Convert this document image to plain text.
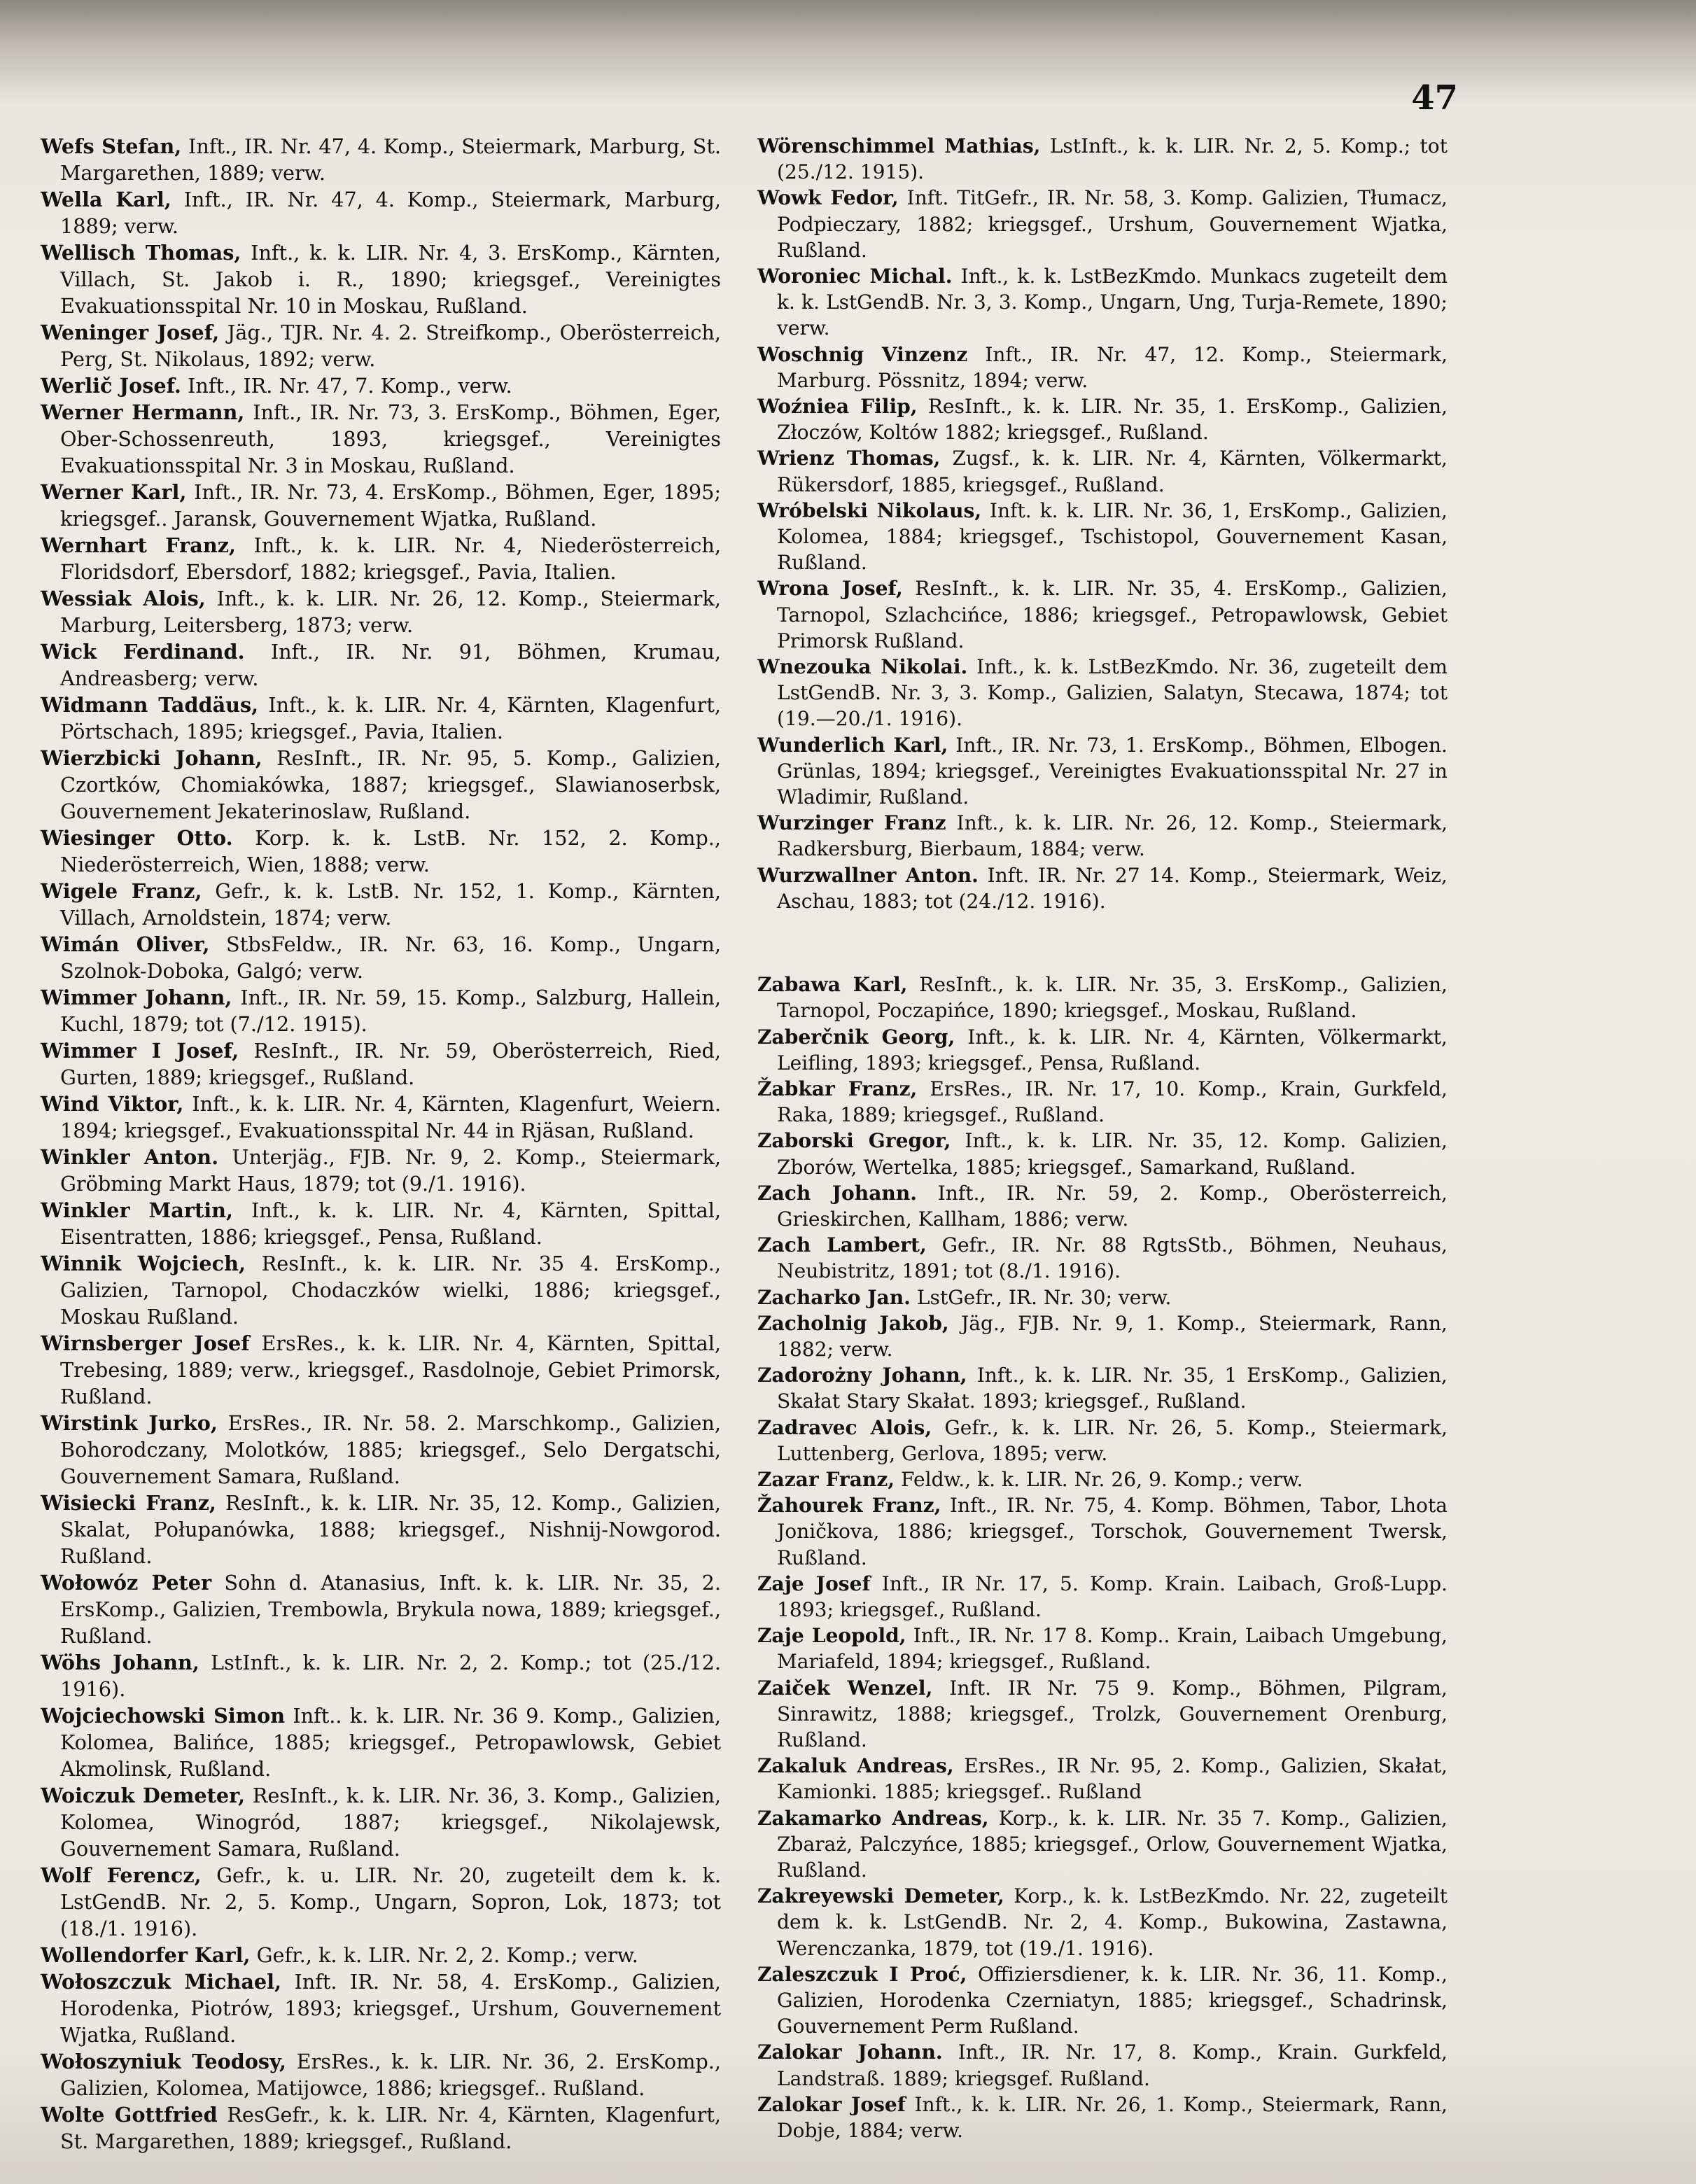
47

Wefs Stefan, Inft., IR. Nr. 47, 4. Komp., Steiermark, Marburg, St. Margarethen, 1889; verw.

Wella Karl, Inft., IR. Nr. 47, 4. Komp., Steiermark, Marburg, 1889; verw.

Wellisch Thomas, Inft., k. k. LIR. Nr. 4, 3. ErsKomp., Kärnten, Villach, St. Jakob i. R., 1890; kriegsgef., Vereinigtes Evakuationsspital Nr. 10 in Moskau, Rußland.

Weninger Josef, Jäg., TJR. Nr. 4. 2. Streifkomp., Oberösterreich, Perg, St. Nikolaus, 1892; verw.

Werlič Josef. Inft., IR. Nr. 47, 7. Komp., verw.

Werner Hermann, Inft., IR. Nr. 73, 3. ErsKomp., Böhmen, Eger, Ober-Schossenreuth, 1893, kriegsgef., Vereinigtes Evakuationsspital Nr. 3 in Moskau, Rußland.

Werner Karl, Inft., IR. Nr. 73, 4. ErsKomp., Böhmen, Eger, 1895; kriegsgef.. Jaransk, Gouvernement Wjatka, Rußland.

Wernhart Franz, Inft., k. k. LIR. Nr. 4, Niederösterreich, Floridsdorf, Ebersdorf, 1882; kriegsgef., Pavia, Italien.

Wessiak Alois, Inft., k. k. LIR. Nr. 26, 12. Komp., Steiermark, Marburg, Leitersberg, 1873; verw.

Wick Ferdinand. Inft., IR. Nr. 91, Böhmen, Krumau, Andreasberg; verw.

Widmann Taddäus, Inft., k. k. LIR. Nr. 4, Kärnten, Klagenfurt, Pörtschach, 1895; kriegsgef., Pavia, Italien.

Wierzbicki Johann, ResInft., IR. Nr. 95, 5. Komp., Galizien, Czortków, Chomiakówka, 1887; kriegsgef., Slawianoserbsk, Gouvernement Jekaterinoslaw, Rußland.

Wiesinger Otto. Korp. k. k. LstB. Nr. 152, 2. Komp., Niederösterreich, Wien, 1888; verw.

Wigele Franz, Gefr., k. k. LstB. Nr. 152, 1. Komp., Kärnten, Villach, Arnoldstein, 1874; verw.

Wimán Oliver, StbsFeldw., IR. Nr. 63, 16. Komp., Ungarn, Szolnok-Doboka, Galgó; verw.

Wimmer Johann, Inft., IR. Nr. 59, 15. Komp., Salzburg, Hallein, Kuchl, 1879; tot (7./12. 1915).

Wimmer I Josef, ResInft., IR. Nr. 59, Oberösterreich, Ried, Gurten, 1889; kriegsgef., Rußland.

Wind Viktor, Inft., k. k. LIR. Nr. 4, Kärnten, Klagenfurt, Weiern. 1894; kriegsgef., Evakuationsspital Nr. 44 in Rjäsan, Rußland.

Winkler Anton. Unterjäg., FJB. Nr. 9, 2. Komp., Steiermark, Gröbming Markt Haus, 1879; tot (9./1. 1916).

Winkler Martin, Inft., k. k. LIR. Nr. 4, Kärnten, Spittal, Eisentratten, 1886; kriegsgef., Pensa, Rußland.

Winnik Wojciech, ResInft., k. k. LIR. Nr. 35 4. ErsKomp., Galizien, Tarnopol, Chodaczków wielki, 1886; kriegsgef., Moskau Rußland.

Wirnsberger Josef ErsRes., k. k. LIR. Nr. 4, Kärnten, Spittal, Trebesing, 1889; verw., kriegsgef., Rasdolnoje, Gebiet Primorsk, Rußland.

Wirstink Jurko, ErsRes., IR. Nr. 58. 2. Marschkomp., Galizien, Bohorodczany, Molotków, 1885; kriegsgef., Selo Dergatschi, Gouvernement Samara, Rußland.

Wisiecki Franz, ResInft., k. k. LIR. Nr. 35, 12. Komp., Galizien, Skalat, Połupanówka, 1888; kriegsgef., Nishnij-Nowgorod. Rußland.

Wołowóz Peter Sohn d. Atanasius, Inft. k. k. LIR. Nr. 35, 2. ErsKomp., Galizien, Trembowla, Brykula nowa, 1889; kriegsgef., Rußland.

Wöhs Johann, LstInft., k. k. LIR. Nr. 2, 2. Komp.; tot (25./12. 1916).

Wojciechowski Simon Inft.. k. k. LIR. Nr. 36 9. Komp., Galizien, Kolomea, Balińce, 1885; kriegsgef., Petropawlowsk, Gebiet Akmolinsk, Rußland.

Woiczuk Demeter, ResInft., k. k. LIR. Nr. 36, 3. Komp., Galizien, Kolomea, Winogród, 1887; kriegsgef., Nikolajewsk, Gouvernement Samara, Rußland.

Wolf Ferencz, Gefr., k. u. LIR. Nr. 20, zugeteilt dem k. k. LstGendB. Nr. 2, 5. Komp., Ungarn, Sopron, Lok, 1873; tot (18./1. 1916).

Wollendorfer Karl, Gefr., k. k. LIR. Nr. 2, 2. Komp.; verw.

Wołoszczuk Michael, Inft. IR. Nr. 58, 4. ErsKomp., Galizien, Horodenka, Piotrów, 1893; kriegsgef., Urshum, Gouvernement Wjatka, Rußland.

Wołoszyniuk Teodosy, ErsRes., k. k. LIR. Nr. 36, 2. ErsKomp., Galizien, Kolomea, Matijowce, 1886; kriegsgef.. Rußland.

Wolte Gottfried ResGefr., k. k. LIR. Nr. 4, Kärnten, Klagenfurt, St. Margarethen, 1889; kriegsgef., Rußland.

Wörenschimmel Mathias, LstInft., k. k. LIR. Nr. 2, 5. Komp.; tot (25./12. 1915).

Wowk Fedor, Inft. TitGefr., IR. Nr. 58, 3. Komp. Galizien, Tłumacz, Podpieczary, 1882; kriegsgef., Urshum, Gouvernement Wjatka, Rußland.

Woroniec Michal. Inft., k. k. LstBezKmdo. Munkacs zugeteilt dem k. k. LstGendB. Nr. 3, 3. Komp., Ungarn, Ung, Turja-Remete, 1890; verw.

Woschnig Vinzenz Inft., IR. Nr. 47, 12. Komp., Steiermark, Marburg. Pössnitz, 1894; verw.

Woźniea Filip, ResInft., k. k. LIR. Nr. 35, 1. ErsKomp., Galizien, Złoczów, Koltów 1882; kriegsgef., Rußland.

Wrienz Thomas, Zugsf., k. k. LIR. Nr. 4, Kärnten, Völkermarkt, Rükersdorf, 1885, kriegsgef., Rußland.

Wróbelski Nikolaus, Inft. k. k. LIR. Nr. 36, 1, ErsKomp., Galizien, Kolomea, 1884; kriegsgef., Tschistopol, Gouvernement Kasan, Rußland.

Wrona Josef, ResInft., k. k. LIR. Nr. 35, 4. ErsKomp., Galizien, Tarnopol, Szlachcińce, 1886; kriegsgef., Petropawlowsk, Gebiet Primorsk Rußland.

Wnezouka Nikolai. Inft., k. k. LstBezKmdo. Nr. 36, zugeteilt dem LstGendB. Nr. 3, 3. Komp., Galizien, Salatyn, Stecawa, 1874; tot (19.—20./1. 1916).

Wunderlich Karl, Inft., IR. Nr. 73, 1. ErsKomp., Böhmen, Elbogen. Grünlas, 1894; kriegsgef., Vereinigtes Evakuationsspital Nr. 27 in Wladimir, Rußland.

Wurzinger Franz Inft., k. k. LIR. Nr. 26, 12. Komp., Steiermark, Radkersburg, Bierbaum, 1884; verw.

Wurzwallner Anton. Inft. IR. Nr. 27 14. Komp., Steiermark, Weiz, Aschau, 1883; tot (24./12. 1916).

Zabawa Karl, ResInft., k. k. LIR. Nr. 35, 3. ErsKomp., Galizien, Tarnopol, Poczapińce, 1890; kriegsgef., Moskau, Rußland.

Zaberčnik Georg, Inft., k. k. LIR. Nr. 4, Kärnten, Völkermarkt, Leifling, 1893; kriegsgef., Pensa, Rußland.

Žabkar Franz, ErsRes., IR. Nr. 17, 10. Komp., Krain, Gurkfeld, Raka, 1889; kriegsgef., Rußland.

Zaborski Gregor, Inft., k. k. LIR. Nr. 35, 12. Komp. Galizien, Zborów, Wertelka, 1885; kriegsgef., Samarkand, Rußland.

Zach Johann. Inft., IR. Nr. 59, 2. Komp., Oberösterreich, Grieskirchen, Kallham, 1886; verw.

Zach Lambert, Gefr., IR. Nr. 88 RgtsStb., Böhmen, Neuhaus, Neubistritz, 1891; tot (8./1. 1916).

Zacharko Jan. LstGefr., IR. Nr. 30; verw.

Zacholnig Jakob, Jäg., FJB. Nr. 9, 1. Komp., Steiermark, Rann, 1882; verw.

Zadorożny Johann, Inft., k. k. LIR. Nr. 35, 1 ErsKomp., Galizien, Skałat Stary Skałat. 1893; kriegsgef., Rußland.

Zadravec Alois, Gefr., k. k. LIR. Nr. 26, 5. Komp., Steiermark, Luttenberg, Gerlova, 1895; verw.

Zazar Franz, Feldw., k. k. LIR. Nr. 26, 9. Komp.; verw.

Žahourek Franz, Inft., IR. Nr. 75, 4. Komp. Böhmen, Tabor, Lhota Joničkova, 1886; kriegsgef., Torschok, Gouvernement Twersk, Rußland.

Zaje Josef Inft., IR Nr. 17, 5. Komp. Krain. Laibach, Groß-Lupp. 1893; kriegsgef., Rußland.

Zaje Leopold, Inft., IR. Nr. 17 8. Komp.. Krain, Laibach Umgebung, Mariafeld, 1894; kriegsgef., Rußland.

Zaiček Wenzel, Inft. IR Nr. 75 9. Komp., Böhmen, Pilgram, Sinrawitz, 1888; kriegsgef., Trolzk, Gouvernement Orenburg, Rußland.

Zakaluk Andreas, ErsRes., IR Nr. 95, 2. Komp., Galizien, Skałat, Kamionki. 1885; kriegsgef.. Rußland

Zakamarko Andreas, Korp., k. k. LIR. Nr. 35 7. Komp., Galizien, Zbaraż, Palczyńce, 1885; kriegsgef., Orlow, Gouvernement Wjatka, Rußland.

Zakreyewski Demeter, Korp., k. k. LstBezKmdo. Nr. 22, zugeteilt dem k. k. LstGendB. Nr. 2, 4. Komp., Bukowina, Zastawna, Werenczanka, 1879, tot (19./1. 1916).

Zaleszczuk I Proć, Offiziersdiener, k. k. LIR. Nr. 36, 11. Komp., Galizien, Horodenka Czerniatyn, 1885; kriegsgef., Schadrinsk, Gouvernement Perm Rußland.

Zalokar Johann. Inft., IR. Nr. 17, 8. Komp., Krain. Gurkfeld, Landstraß. 1889; kriegsgef. Rußland.

Zalokar Josef Inft., k. k. LIR. Nr. 26, 1. Komp., Steiermark, Rann, Dobje, 1884; verw.
